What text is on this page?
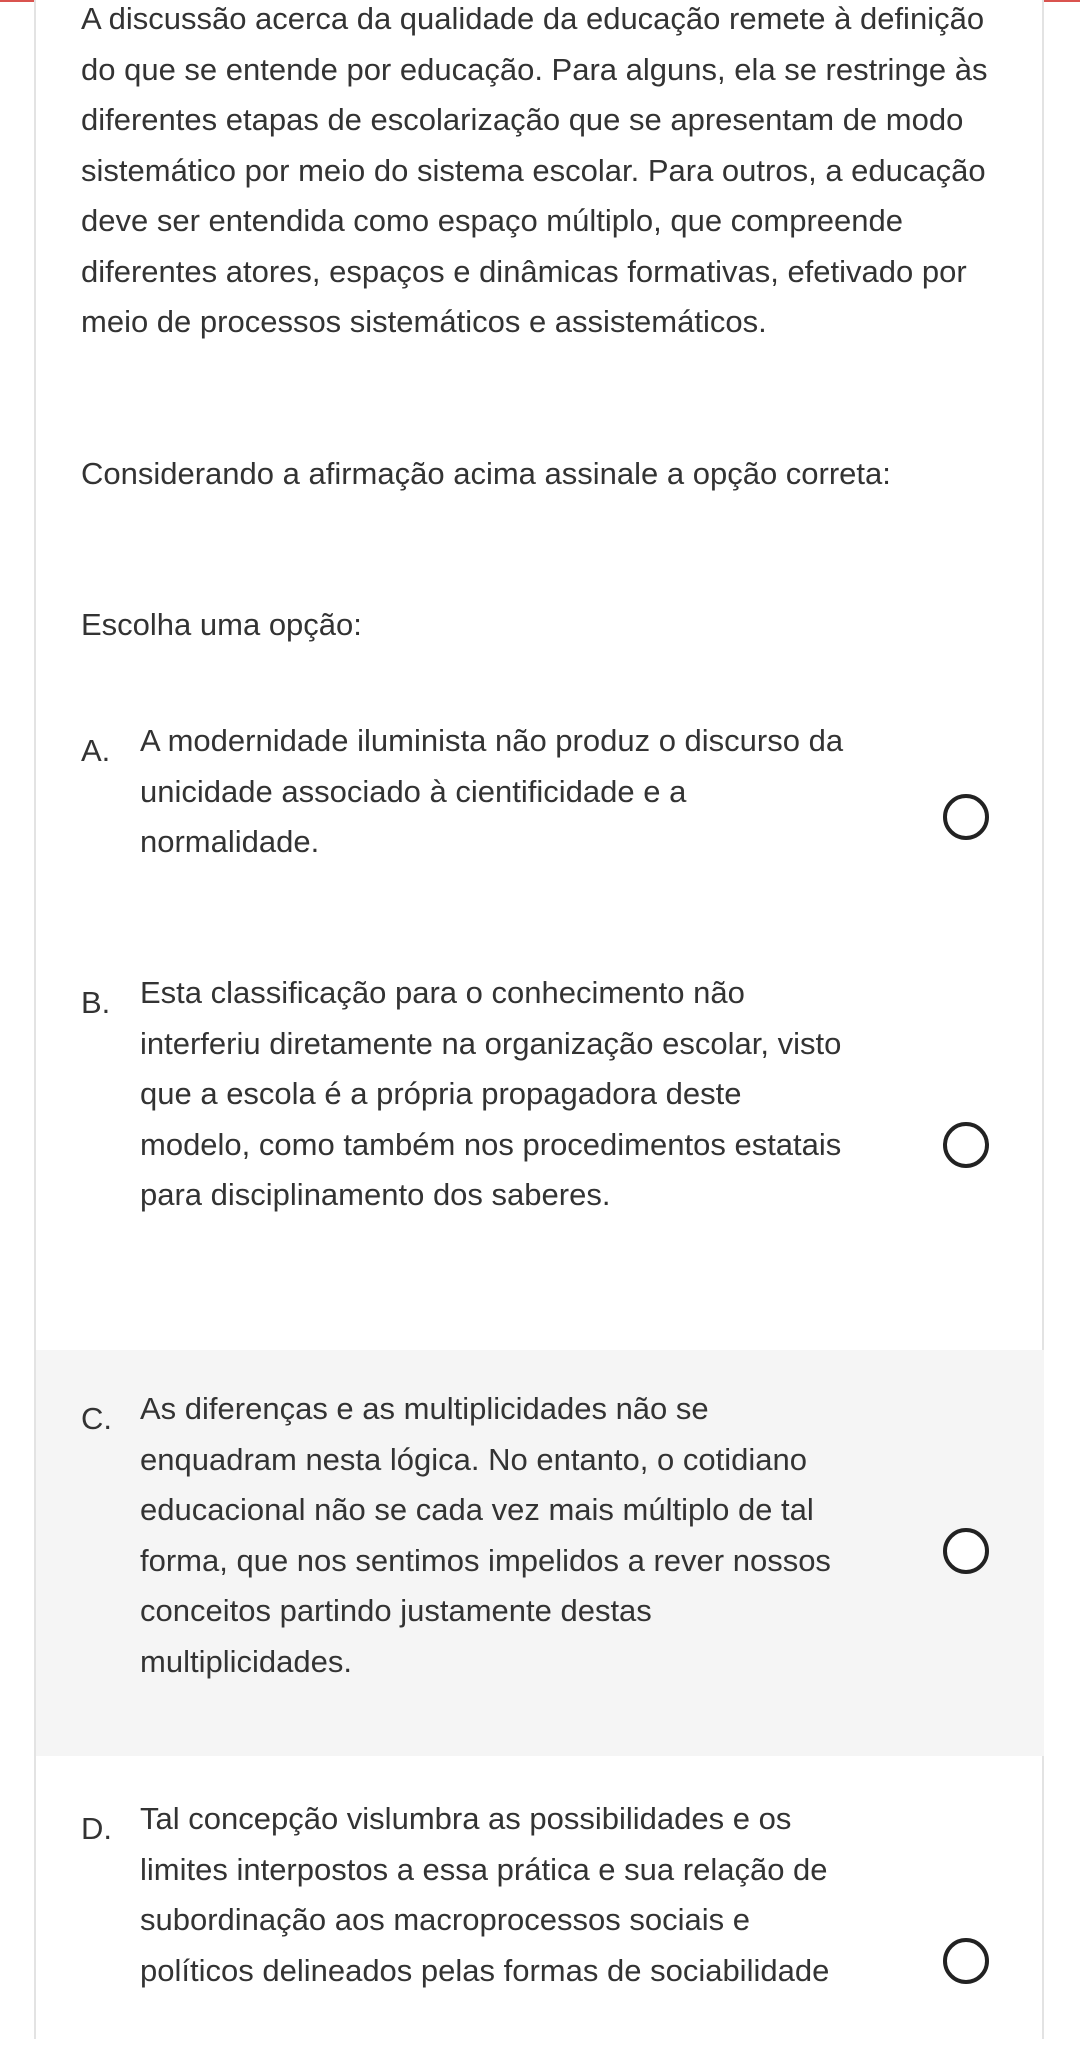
A discussão acerca da qualidade da educação remete à definição do que se entende por educação. Para alguns, ela se restringe às diferentes etapas de escolarização que se apresentam de modo sistemático por meio do sistema escolar. Para outros, a educação deve ser entendida como espaço múltiplo, que compreende diferentes atores, espaços e dinâmicas formativas, efetivado por meio de processos sistemáticos e assistemáticos.

Considerando a afirmação acima assinale a opção correta:

Escolha uma opção:

A. A modernidade iluminista não produz o discurso da unicidade associado à cientificidade e a normalidade.

B. Esta classificação para o conhecimento não interferiu diretamente na organização escolar, visto que a escola é a própria propagadora deste modelo, como também nos procedimentos estatais para disciplinamento dos saberes.

C. As diferenças e as multiplicidades não se enquadram nesta lógica. No entanto, o cotidiano educacional não se cada vez mais múltiplo de tal forma, que nos sentimos impelidos a rever nossos conceitos partindo justamente destas multiplicidades.

D. Tal concepção vislumbra as possibilidades e os limites interpostos a essa prática e sua relação de subordinação aos macroprocessos sociais e políticos delineados pelas formas de sociabilidade
